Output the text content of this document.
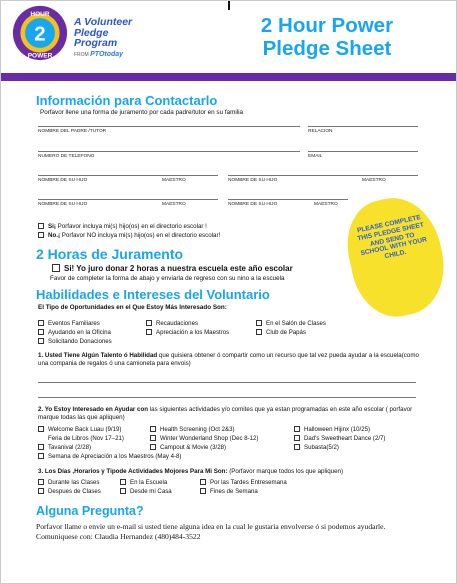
HOUR
2
POWER
A Volunteer
Pledge
Program
FROM PTOtoday
2 Hour Power
Pledge Sheet
Información para Contactarlo
Porfavor llene una forma de juramento por cada padre/tutor en su familia
NOMBRE DEL PADRE /TUTOR	RELACION
NUMERO DE TELEFONO	EMAIL
NOMBRE DE SU HIJO	MAESTRO	NOMBRE DE SU HIJO	MAESTRO
NOMBRE DE SU HIJO	MAESTRO	NOMBRE DE SU HIJO	MAESTRO
Si¡ Porfavor incluya mi(s) hijo(os) en el directorio escolar !
No.¡ Porfavor NO incluya mi(s) hijo(os) en el directorio escolar!
PLEASE COMPLETE THIS PLEDGE SHEET AND SEND TO SCHOOL WITH YOUR CHILD.
2 Horas de Juramento
Si! Yo juro donar 2 horas a nuestra escuela este año escolar
Favor de completer la forma de abajo y enviarla de regreso con su nino a la escuela
Habilidades e Intereses del Voluntario
El Tipo de Oportunidades en el Que Estoy Más Interesado Son:
Eventos Familiares	Recaudaciones	En el Salón de Clases
Ayudando en la Oficina	Apreciación a los Maestros	Club de Papás
Solicitando Donaciones
1. Usted Tiene Algún Talento ó Habilidad que quisiera obtener ó compartir como un recurso que tal vez pueda ayudar a la escuela(como una compania de regalos ó una camioneta para envois)
2. Yo Estoy Interesado en Ayudar con las siguientes actividades y/o comites que ya estan programadas en este año escolar ( porfavor marque todas las que apliquen)
Welcome Back Luau (9/19)	Health Screening (Oct 2&3)	Halloween Hijinx (10/25)
Feria de Libros (Nov 17–21)	Winter Wonderland Shop (Dec 8-12)	Dad's Sweetheart Dance (2/7)
Tavanival (2/28)	Campout & Movie (3/28)	Subasta(5/2)
Semana de Apreciación a los Maestros (May 4-8)
3. Los Días ,Horarios y Tipode Actividades Mojores Para Mi Son: (Porfavor marque todos los que apliquen)
Durante las Clases	En la Escuela	Por las Tardes Entresemana
Despues de Clases	Desde mi Casa	Fines de Semana
Alguna Pregunta?
Porfavor llame o envie un e-mail si usted tiene alguna idea en la cual le gustaria envolverse ó si podemos ayudarle. Comuniquese con: Claudia Hernandez (480)484-3522
